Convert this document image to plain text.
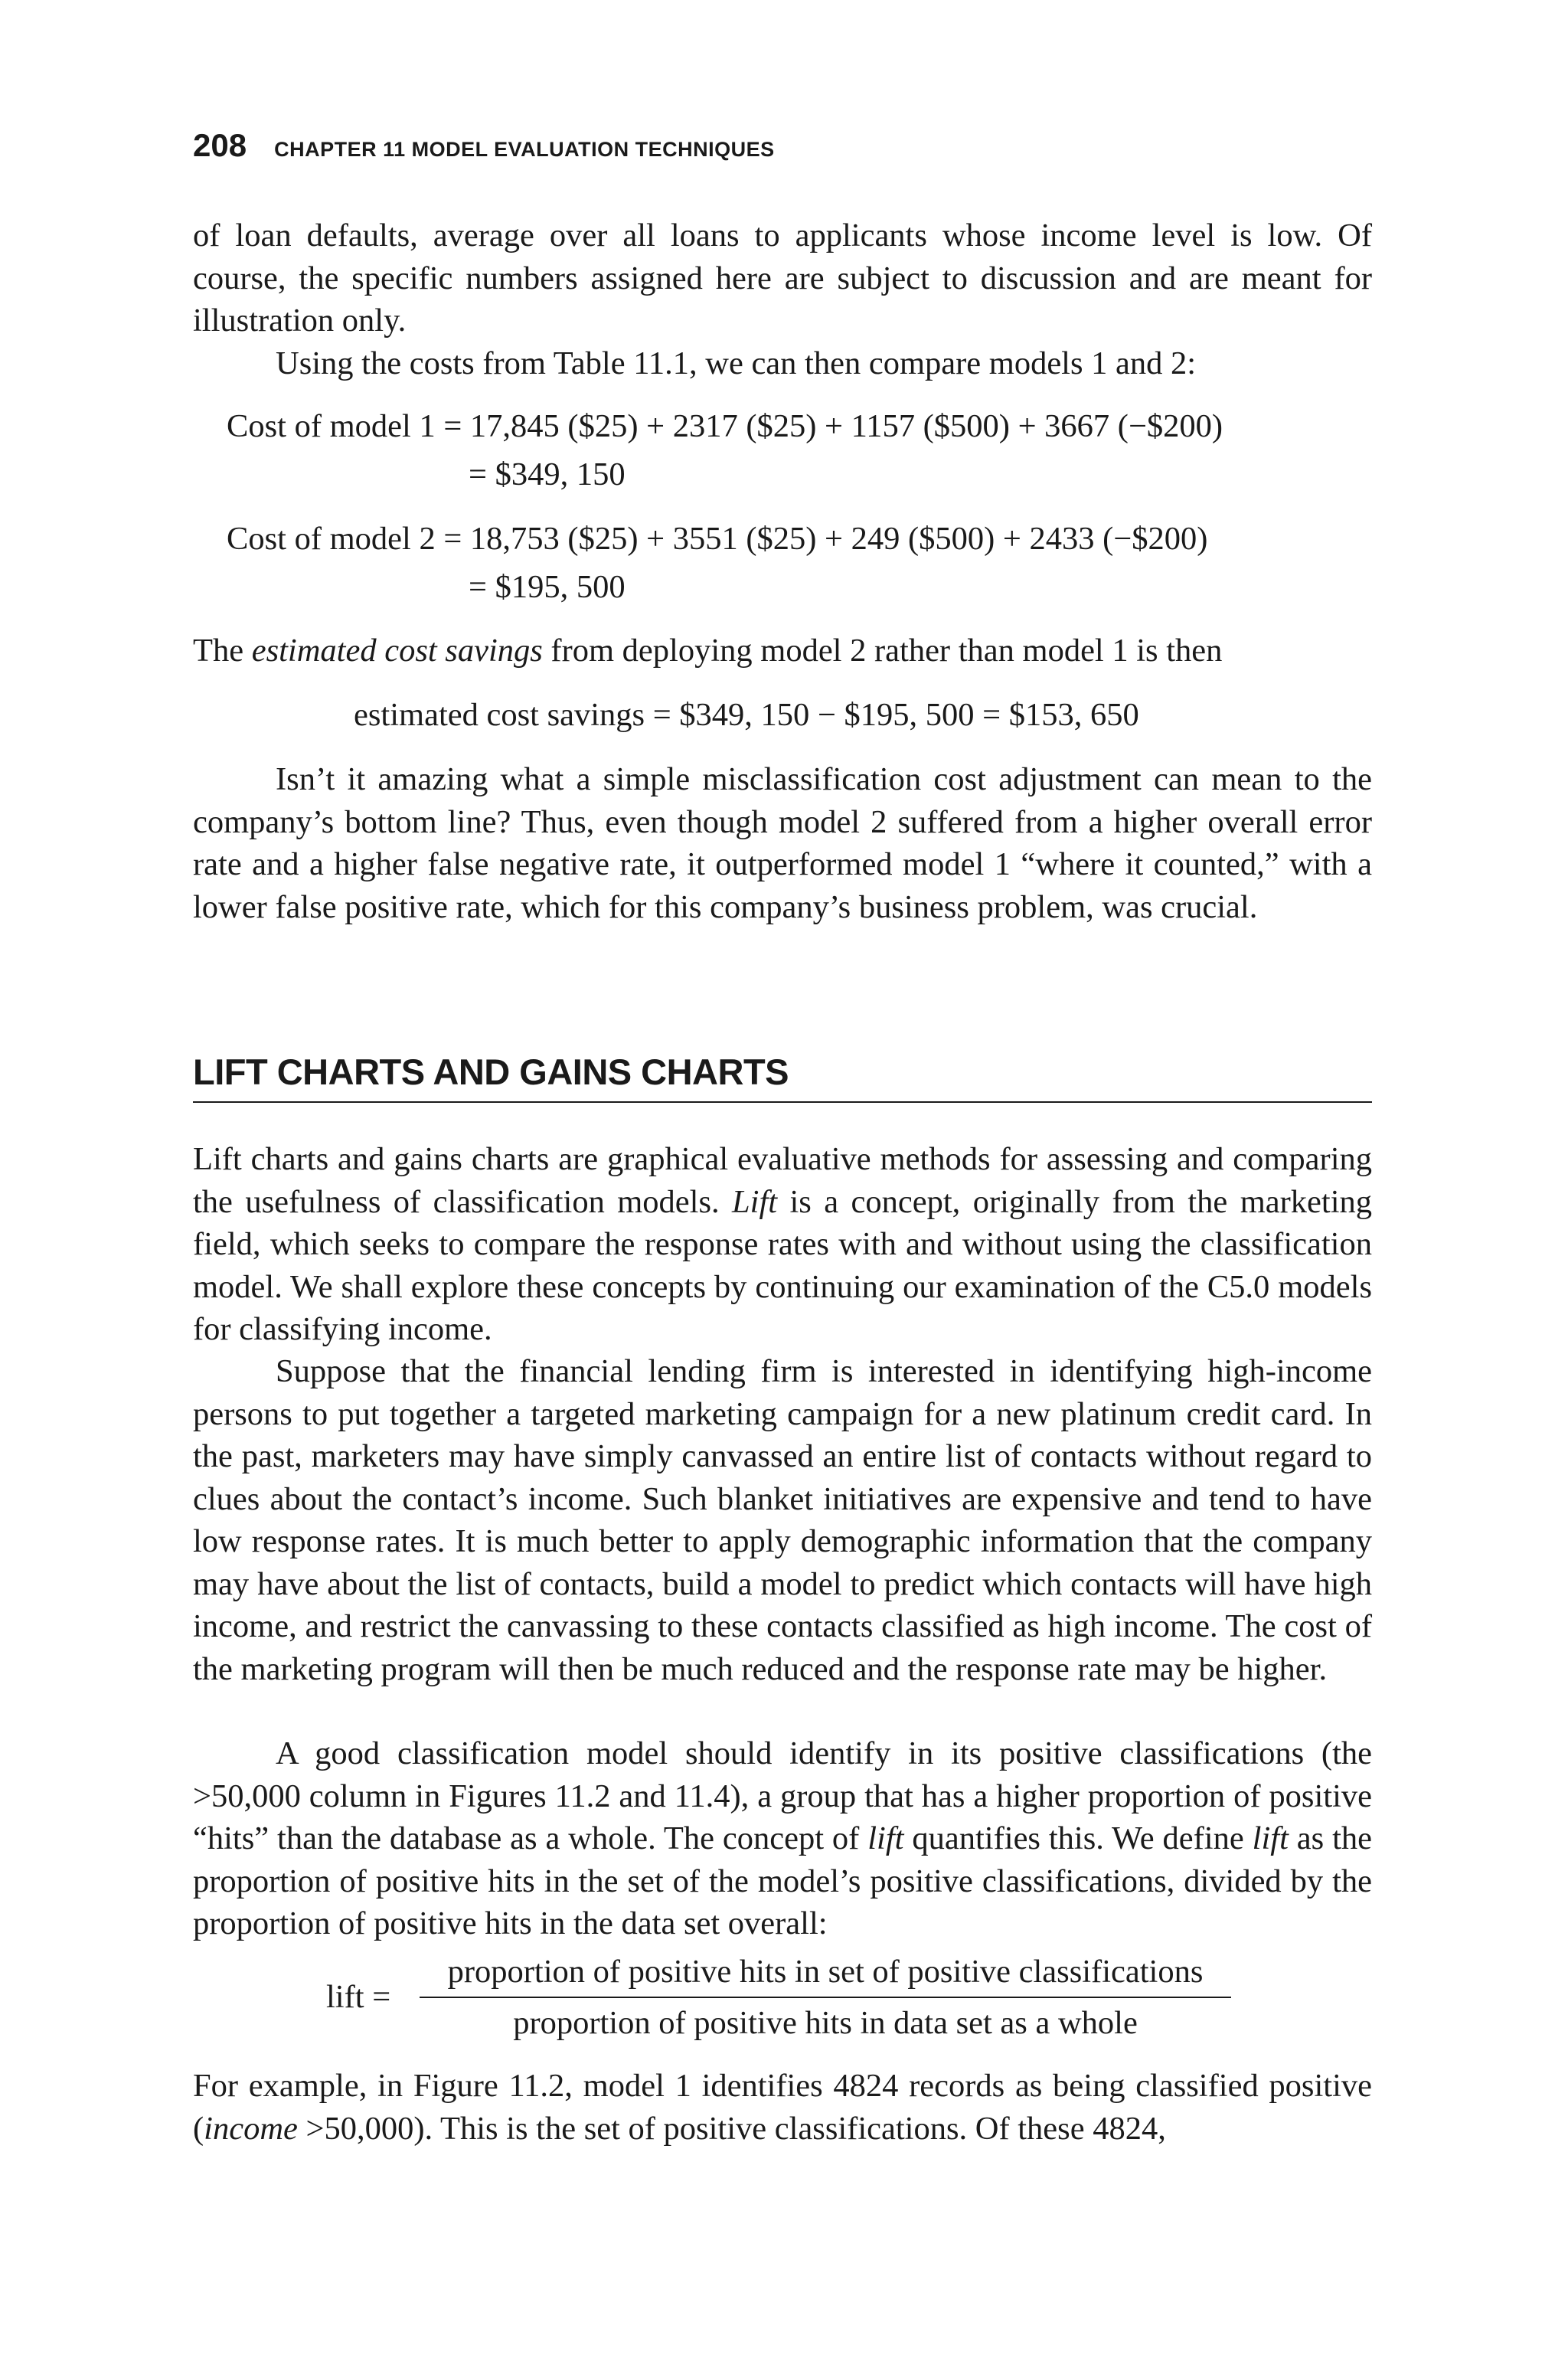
208 CHAPTER 11 MODEL EVALUATION TECHNIQUES
of loan defaults, average over all loans to applicants whose income level is low. Of course, the specific numbers assigned here are subject to discussion and are meant for illustration only.
Using the costs from Table 11.1, we can then compare models 1 and 2:
Cost of model 1 = 17,845 ($25) + 2317 ($25) + 1157 ($500) + 3667 (−$200)
= $349, 150
Cost of model 2 = 18,753 ($25) + 3551 ($25) + 249 ($500) + 2433 (−$200)
= $195, 500
The estimated cost savings from deploying model 2 rather than model 1 is then
estimated cost savings = $349, 150 − $195, 500 = $153, 650
Isn’t it amazing what a simple misclassification cost adjustment can mean to the company’s bottom line? Thus, even though model 2 suffered from a higher overall error rate and a higher false negative rate, it outperformed model 1 “where it counted,” with a lower false positive rate, which for this company’s business problem, was crucial.
LIFT CHARTS AND GAINS CHARTS
Lift charts and gains charts are graphical evaluative methods for assessing and comparing the usefulness of classification models. Lift is a concept, originally from the marketing field, which seeks to compare the response rates with and without using the classification model. We shall explore these concepts by continuing our examination of the C5.0 models for classifying income.
Suppose that the financial lending firm is interested in identifying high-income persons to put together a targeted marketing campaign for a new platinum credit card. In the past, marketers may have simply canvassed an entire list of contacts without regard to clues about the contact’s income. Such blanket initiatives are expensive and tend to have low response rates. It is much better to apply demographic information that the company may have about the list of contacts, build a model to predict which contacts will have high income, and restrict the canvassing to these contacts classified as high income. The cost of the marketing program will then be much reduced and the response rate may be higher.
A good classification model should identify in its positive classifications (the >50,000 column in Figures 11.2 and 11.4), a group that has a higher proportion of positive “hits” than the database as a whole. The concept of lift quantifies this. We define lift as the proportion of positive hits in the set of the model’s positive classifications, divided by the proportion of positive hits in the data set overall:
lift =
proportion of positive hits in set of positive classifications
proportion of positive hits in data set as a whole
For example, in Figure 11.2, model 1 identifies 4824 records as being classified positive (income >50,000). This is the set of positive classifications. Of these 4824,
